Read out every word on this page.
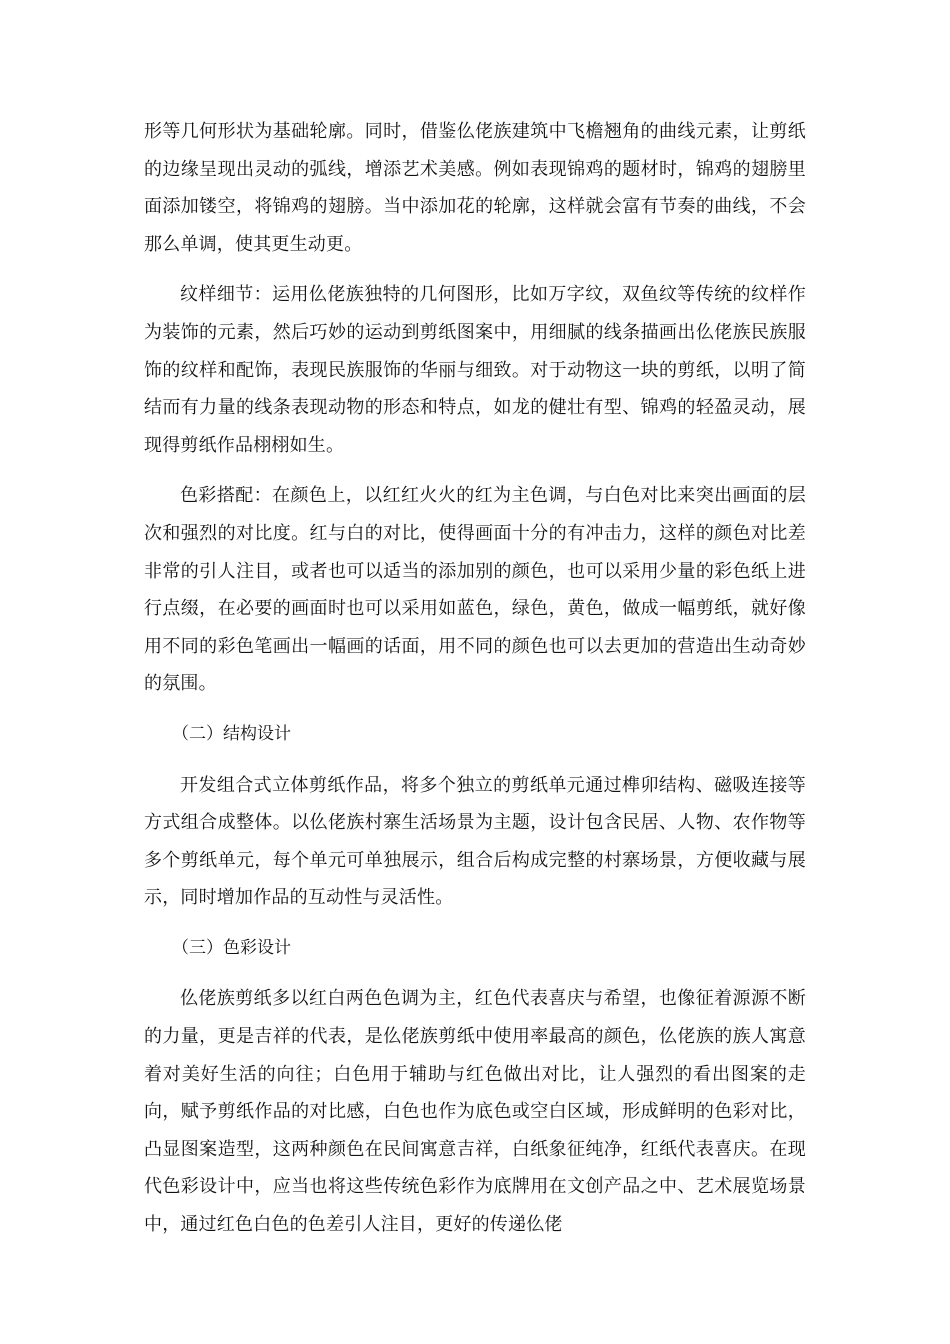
形等几何形状为基础轮廓。同时，借鉴仫佬族建筑中飞檐翘角的曲线元素，让剪纸的边缘呈现出灵动的弧线，增添艺术美感。例如表现锦鸡的题材时，锦鸡的翅膀里面添加镂空，将锦鸡的翅膀。当中添加花的轮廓，这样就会富有节奏的曲线，不会那么单调，使其更生动更。

纹样细节：运用仫佬族独特的几何图形，比如万字纹，双鱼纹等传统的纹样作为装饰的元素，然后巧妙的运动到剪纸图案中，用细腻的线条描画出仫佬族民族服饰的纹样和配饰，表现民族服饰的华丽与细致。对于动物这一块的剪纸，以明了简结而有力量的线条表现动物的形态和特点，如龙的健壮有型、锦鸡的轻盈灵动，展现得剪纸作品栩栩如生。

色彩搭配：在颜色上，以红红火火的红为主色调，与白色对比来突出画面的层次和强烈的对比度。红与白的对比，使得画面十分的有冲击力，这样的颜色对比差非常的引人注目，或者也可以适当的添加别的颜色，也可以采用少量的彩色纸上进行点缀，在必要的画面时也可以采用如蓝色，绿色，黄色，做成一幅剪纸，就好像用不同的彩色笔画出一幅画的话面，用不同的颜色也可以去更加的营造出生动奇妙的氛围。

（二）结构设计

开发组合式立体剪纸作品，将多个独立的剪纸单元通过榫卯结构、磁吸连接等方式组合成整体。以仫佬族村寨生活场景为主题，设计包含民居、人物、农作物等多个剪纸单元，每个单元可单独展示，组合后构成完整的村寨场景，方便收藏与展示，同时增加作品的互动性与灵活性。

（三）色彩设计

仫佬族剪纸多以红白两色色调为主，红色代表喜庆与希望，也像征着源源不断的力量，更是吉祥的代表，是仫佬族剪纸中使用率最高的颜色，仫佬族的族人寓意着对美好生活的向往；白色用于辅助与红色做出对比，让人强烈的看出图案的走向，赋予剪纸作品的对比感，白色也作为底色或空白区域，形成鲜明的色彩对比，凸显图案造型，这两种颜色在民间寓意吉祥，白纸象征纯净，红纸代表喜庆。在现代色彩设计中，应当也将这些传统色彩作为底牌用在文创产品之中、艺术展览场景中，通过红色白色的色差引人注目，更好的传递仫佬
